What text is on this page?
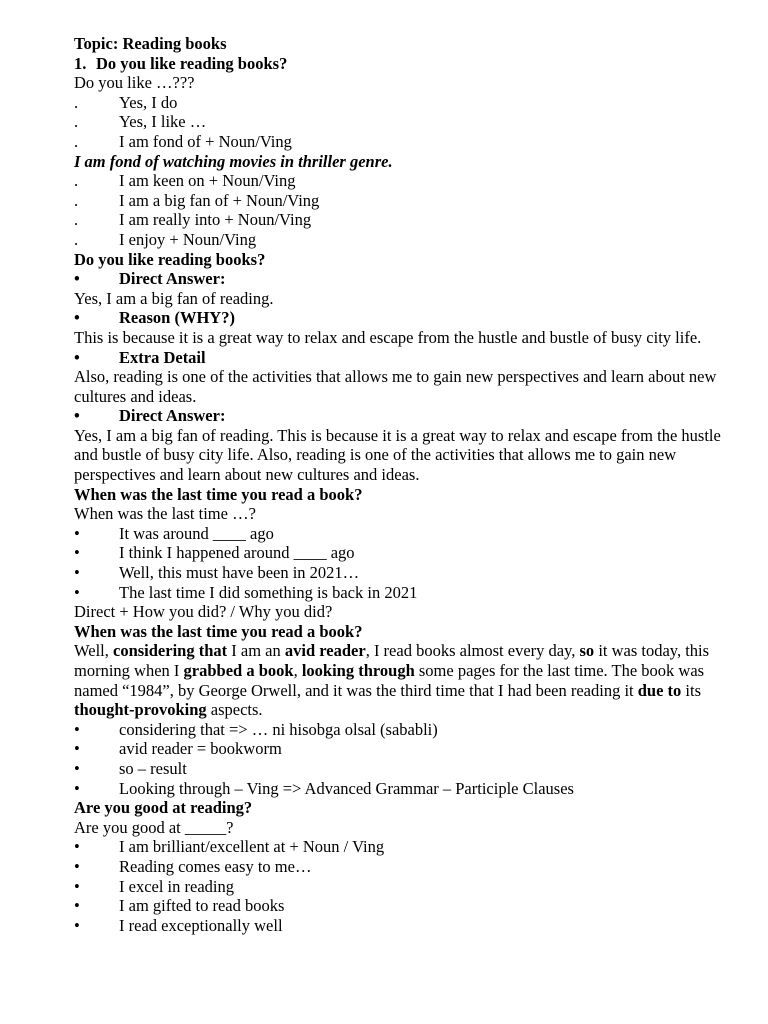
Topic: Reading books
1. Do you like reading books?
Do you like …???
.	Yes, I do
.	Yes, I like …
.	I am fond of + Noun/Ving
I am fond of watching movies in thriller genre.
.	I am keen on + Noun/Ving
.	I am a big fan of + Noun/Ving
.	I am really into + Noun/Ving
.	I enjoy + Noun/Ving
Do you like reading books?
•	Direct Answer:
Yes, I am a big fan of reading.
•	Reason (WHY?)
This is because it is a great way to relax and escape from the hustle and bustle of busy city life.
•	Extra Detail
Also, reading is one of the activities that allows me to gain new perspectives and learn about new cultures and ideas.
•	Direct Answer:
Yes, I am a big fan of reading. This is because it is a great way to relax and escape from the hustle and bustle of busy city life. Also, reading is one of the activities that allows me to gain new perspectives and learn about new cultures and ideas.
When was the last time you read a book?
When was the last time …?
•	It was around ____ ago
•	I think I happened around ____ ago
•	Well, this must have been in 2021…
•	The last time I did something is back in 2021
Direct + How you did? / Why you did?
When was the last time you read a book?
Well, considering that I am an avid reader, I read books almost every day, so it was today, this morning when I grabbed a book, looking through some pages for the last time. The book was named “1984”, by George Orwell, and it was the third time that I had been reading it due to its thought-provoking aspects.
•	considering that => … ni hisobga olsal (sababli)
•	avid reader = bookworm
•	so – result
•	Looking through – Ving => Advanced Grammar – Participle Clauses
Are you good at reading?
Are you good at _____?
•	I am brilliant/excellent at + Noun / Ving
•	Reading comes easy to me…
•	I excel in reading
•	I am gifted to read books
•	I read exceptionally well
